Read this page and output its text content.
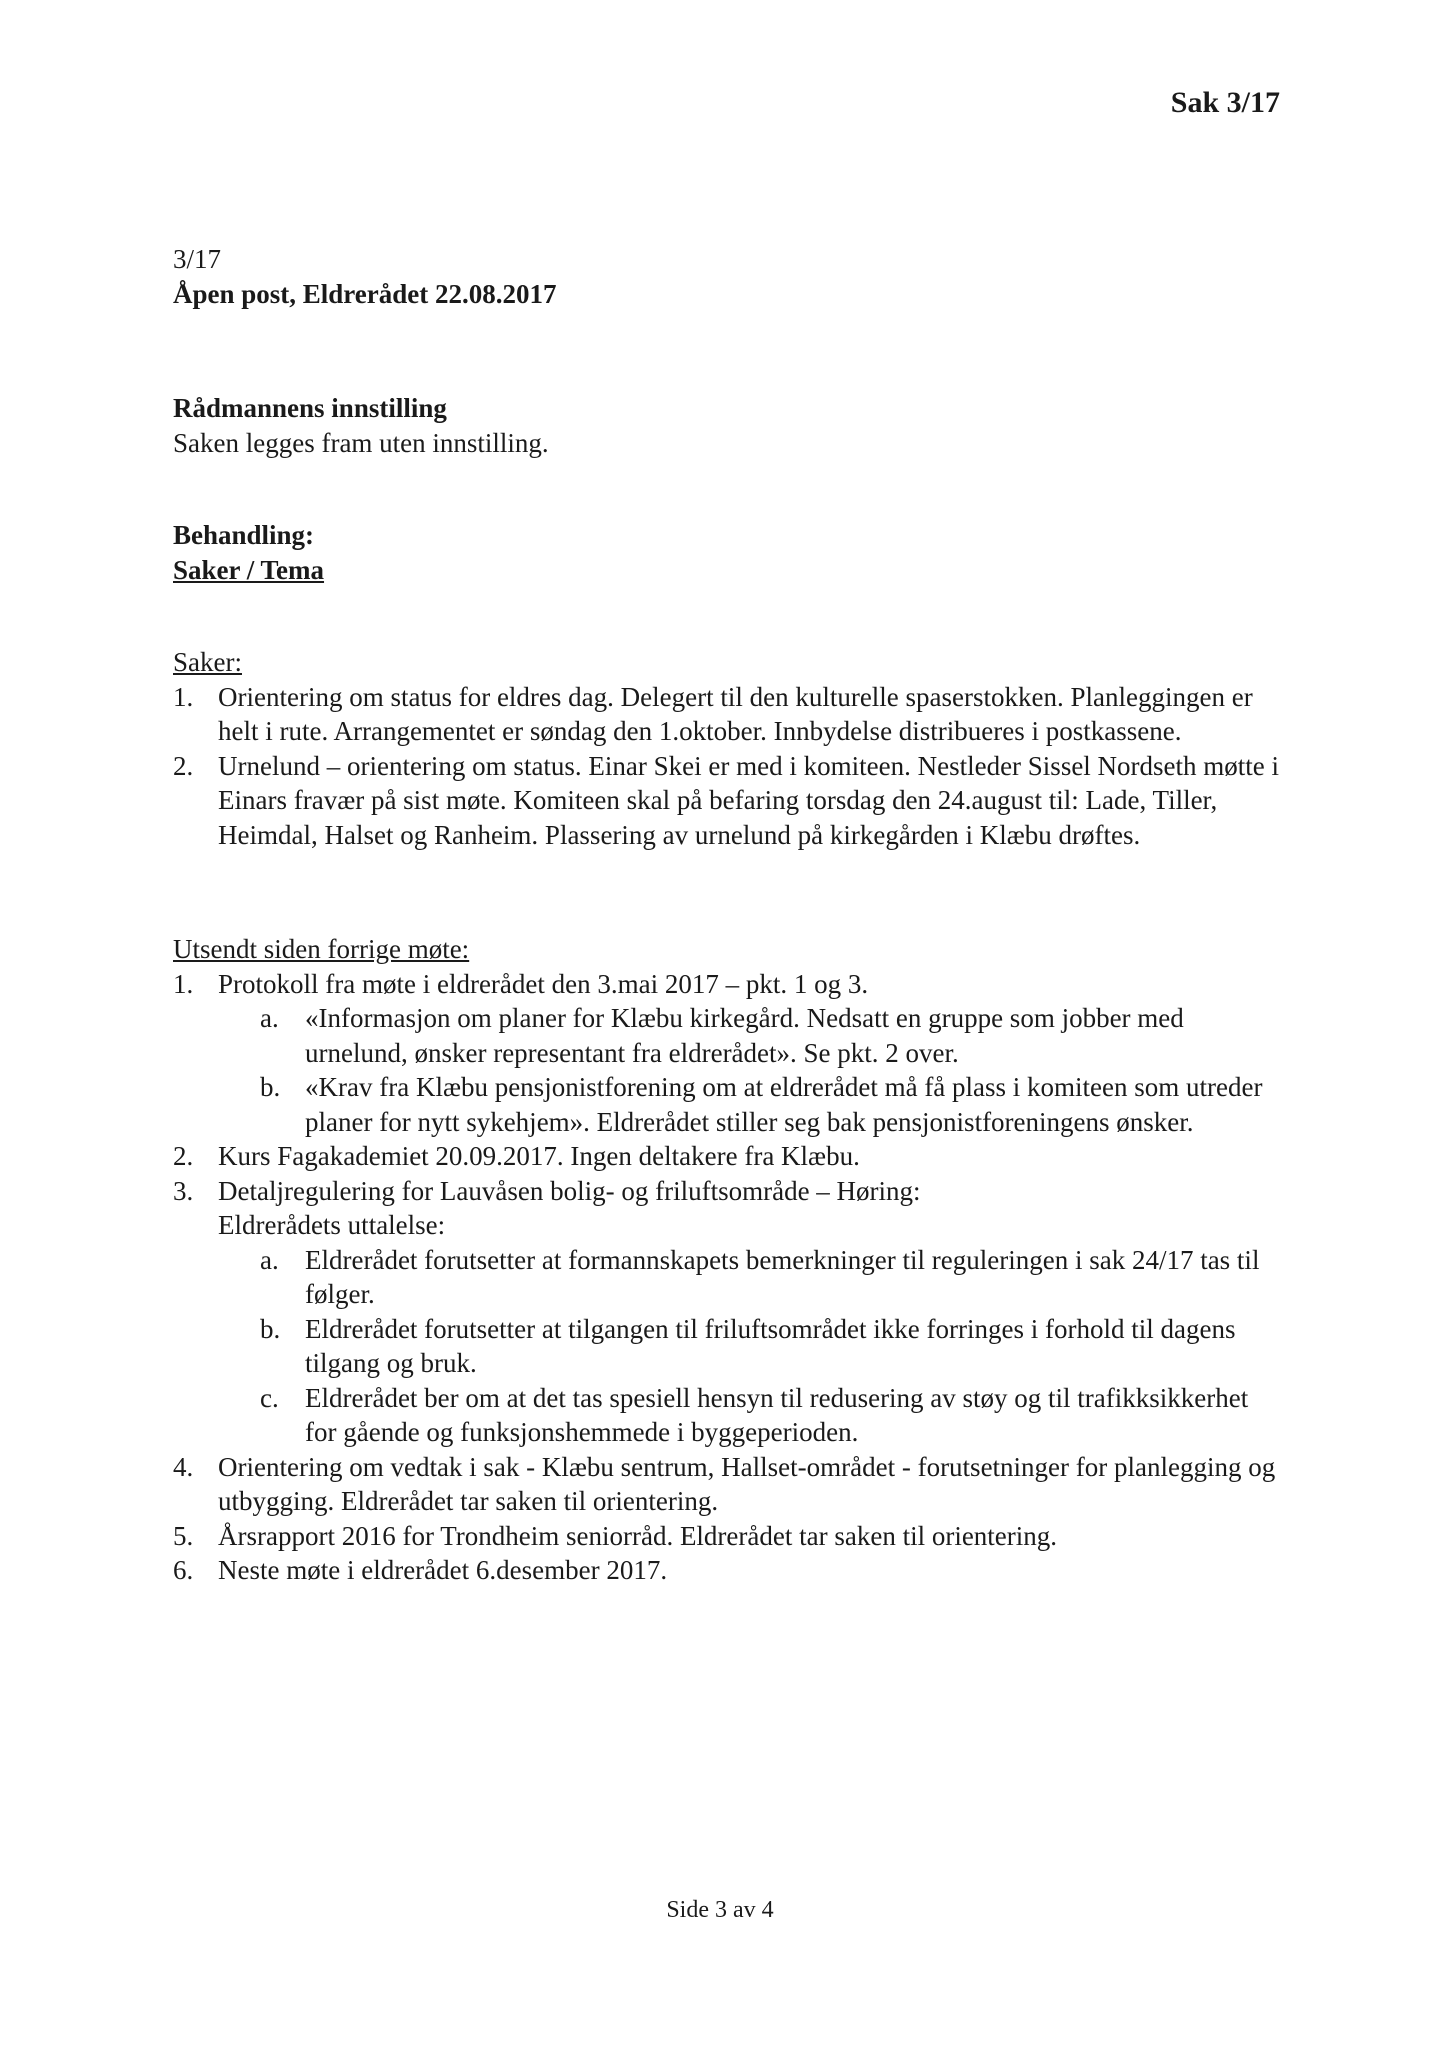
Sak 3/17
3/17
Åpen post, Eldrerådet 22.08.2017
Rådmannens innstilling
Saken legges fram uten innstilling.
Behandling:
Saker / Tema
Saker:
1. Orientering om status for eldres dag. Delegert til den kulturelle spaserstokken. Planleggingen er helt i rute. Arrangementet er søndag den 1.oktober. Innbydelse distribueres i postkassene.
2. Urnelund – orientering om status. Einar Skei er med i komiteen. Nestleder Sissel Nordseth møtte i Einars fravær på sist møte. Komiteen skal på befaring torsdag den 24.august til: Lade, Tiller, Heimdal, Halset og Ranheim. Plassering av urnelund på kirkegården i Klæbu drøftes.
Utsendt siden forrige møte:
1. Protokoll fra møte i eldrerådet den 3.mai 2017 – pkt. 1 og 3.
a. «Informasjon om planer for Klæbu kirkegård. Nedsatt en gruppe som jobber med urnelund, ønsker representant fra eldrerådet». Se pkt. 2 over.
b. «Krav fra Klæbu pensjonistforening om at eldrerådet må få plass i komiteen som utreder planer for nytt sykehjem». Eldrerådet stiller seg bak pensjonistforeningens ønsker.
2. Kurs Fagakademiet 20.09.2017. Ingen deltakere fra Klæbu.
3. Detaljregulering for Lauvåsen bolig- og friluftsområde – Høring:
Eldrerådets uttalelse:
a. Eldrerådet forutsetter at formannskapets bemerkninger til reguleringen i sak 24/17 tas til følger.
b. Eldrerådet forutsetter at tilgangen til friluftsområdet ikke forringes i forhold til dagens tilgang og bruk.
c. Eldrerådet ber om at det tas spesiell hensyn til redusering av støy og til trafikksikkerhet for gående og funksjonshemmede i byggeperioden.
4. Orientering om vedtak i sak - Klæbu sentrum, Hallset-området - forutsetninger for planlegging og utbygging. Eldrerådet tar saken til orientering.
5. Årsrapport 2016 for Trondheim seniorråd. Eldrerådet tar saken til orientering.
6. Neste møte i eldrerådet 6.desember 2017.
Side 3 av 4
